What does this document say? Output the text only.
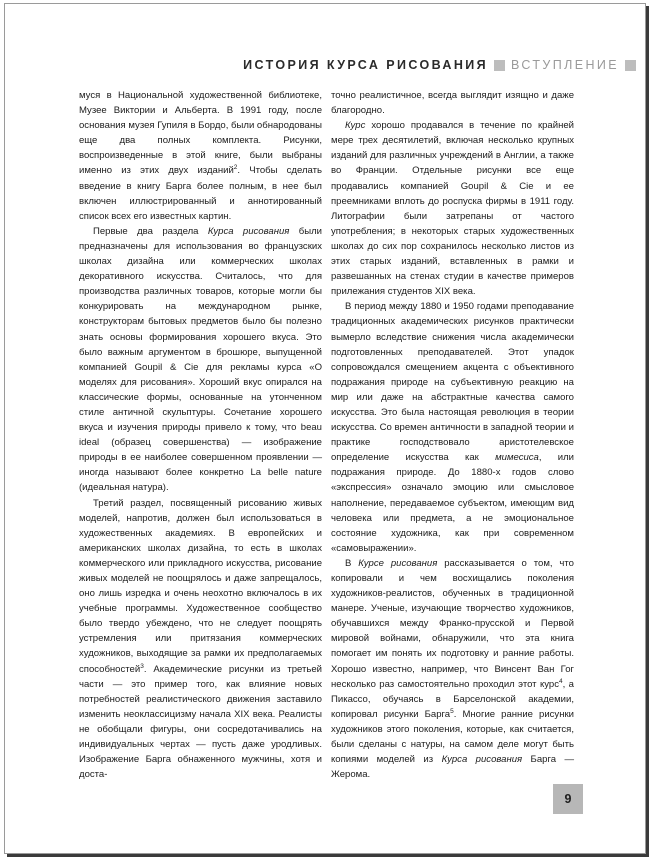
ИСТОРИЯ КУРСА РИСОВАНИЯ ВСТУПЛЕНИЕ

муся в Национальной художественной библиотеке, Музее Виктории и Альберта. В 1991 году, после основания музея Гупиля в Бордо, были обнародованы еще два полных комплекта. Рисунки, воспроизведенные в этой книге, были выбраны именно из этих двух изданий$^2$. Чтобы сделать введение в книгу Барга более полным, в нее был включен иллюстрированный и аннотированный список всех его известных картин.

Первые два раздела Курса рисования были предназначены для использования во французских школах дизайна или коммерческих школах декоративного искусства. Считалось, что для производства различных товаров, которые могли бы конкурировать на международном рынке, конструкторам бытовых предметов было бы полезно знать основы формирования хорошего вкуса. Это было важным аргументом в брошюре, выпущенной компанией Goupil & Cie для рекламы курса «О моделях для рисования». Хороший вкус опирался на классические формы, основанные на утонченном стиле античной скульптуры. Сочетание хорошего вкуса и изучения природы привело к тому, что beau ideal (образец совершенства) — изображение природы в ее наиболее совершенном проявлении — иногда называют более конкретно La belle nature (идеальная натура).

Третий раздел, посвященный рисованию живых моделей, напротив, должен был использоваться в художественных академиях. В европейских и американских школах дизайна, то есть в школах коммерческого или прикладного искусства, рисование живых моделей не поощрялось и даже запрещалось, оно лишь изредка и очень неохотно включалось в их учебные программы. Художественное сообщество было твердо убеждено, что не следует поощрять устремления или притязания коммерческих художников, выходящие за рамки их предполагаемых способностей$^3$. Академические рисунки из третьей части — это пример того, как влияние новых потребностей реалистического движения заставило изменить неоклассицизму начала XIX века. Реалисты не обобщали фигуры, они сосредотачивались на индивидуальных чертах — пусть даже уродливых. Изображение Барга обнаженного мужчины, хотя и доста-

точно реалистичное, всегда выглядит изящно и даже благородно.

Курс хорошо продавался в течение по крайней мере трех десятилетий, включая несколько крупных изданий для различных учреждений в Англии, а также во Франции. Отдельные рисунки все еще продавались компанией Goupil & Cie и ее преемниками вплоть до роспуска фирмы в 1911 году. Литографии были затрепаны от частого употребления; в некоторых старых художественных школах до сих пор сохранилось несколько листов из этих старых изданий, вставленных в рамки и развешанных на стенах студии в качестве примеров прилежания студентов XIX века.

В период между 1880 и 1950 годами преподавание традиционных академических рисунков практически вымерло вследствие снижения числа академически подготовленных преподавателей. Этот упадок сопровождался смещением акцента с объективного подражания природе на субъективную реакцию на мир или даже на абстрактные качества самого искусства. Это была настоящая революция в теории искусства. Со времен античности в западной теории и практике господствовало аристотелевское определение искусства как мимесиса, или подражания природе. До 1880-х годов слово «экспрессия» означало эмоцию или смысловое наполнение, передаваемое субъектом, имеющим вид человека или предмета, а не эмоциональное состояние художника, как при современном «самовыражении».

В Курсе рисования рассказывается о том, что копировали и чем восхищались поколения художников-реалистов, обученных в традиционной манере. Ученые, изучающие творчество художников, обучавшихся между Франко-прусской и Первой мировой войнами, обнаружили, что эта книга помогает им понять их подготовку и ранние работы. Хорошо известно, например, что Винсент Ван Гог несколько раз самостоятельно проходил этот курс$^4$, а Пикассо, обучаясь в Барселонской академии, копировал рисунки Барга$^5$. Многие ранние рисунки художников этого поколения, которые, как считается, были сделаны с натуры, на самом деле могут быть копиями моделей из Курса рисования Барга — Жерома.

9
